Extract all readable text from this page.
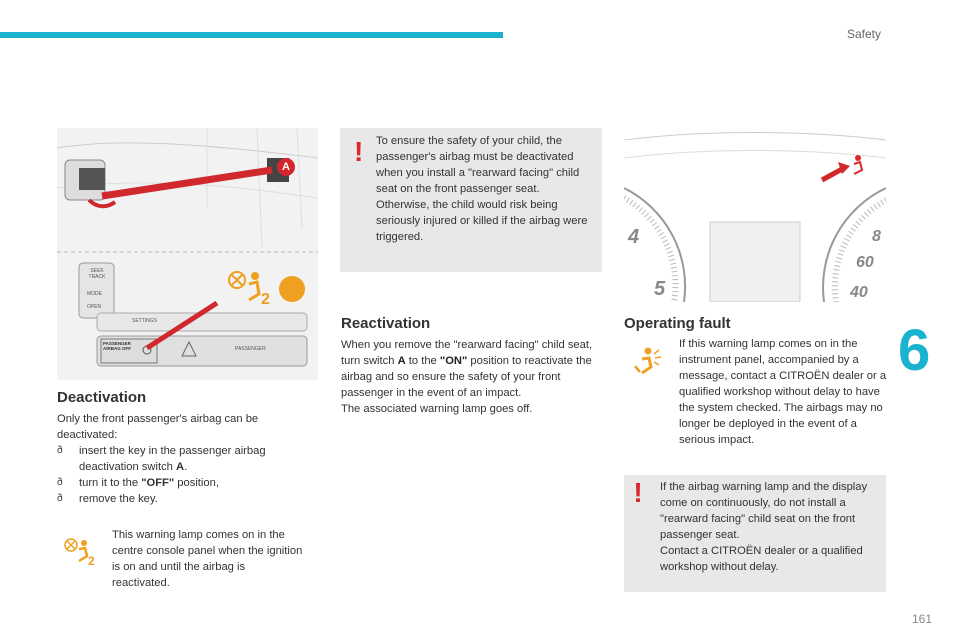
Safety
6
161
A
PASSENGER AIRBAG OFF	PASSENGER
SETTINGS
SEEK TRACK
MODE
OPEN	2
Deactivation
Only the front passenger's airbag can be deactivated:
ð insert the key in the passenger airbag deactivation switch A.
ð turn it to the "OFF" position,
ð remove the key.
2
This warning lamp comes on in the centre console panel when the ignition is on and until the airbag is reactivated.
! To ensure the safety of your child, the passenger's airbag must be deactivated when you install a "rearward facing" child seat on the front passenger seat. Otherwise, the child would risk being seriously injured or killed if the airbag were triggered.
Reactivation
When you remove the "rearward facing" child seat, turn switch A to the "ON" position to reactivate the airbag and so ensure the safety of your front passenger in the event of an impact.
The associated warning lamp goes off.
4
5
8
60
40
Operating fault
If this warning lamp comes on in the instrument panel, accompanied by a message, contact a CITROËN dealer or a qualified workshop without delay to have the system checked. The airbags may no longer be deployed in the event of a serious impact.
!	If the airbag warning lamp and the display come on continuously, do not install a "rearward facing" child seat on the front passenger seat.
Contact a CITROËN dealer or a qualified workshop without delay.
